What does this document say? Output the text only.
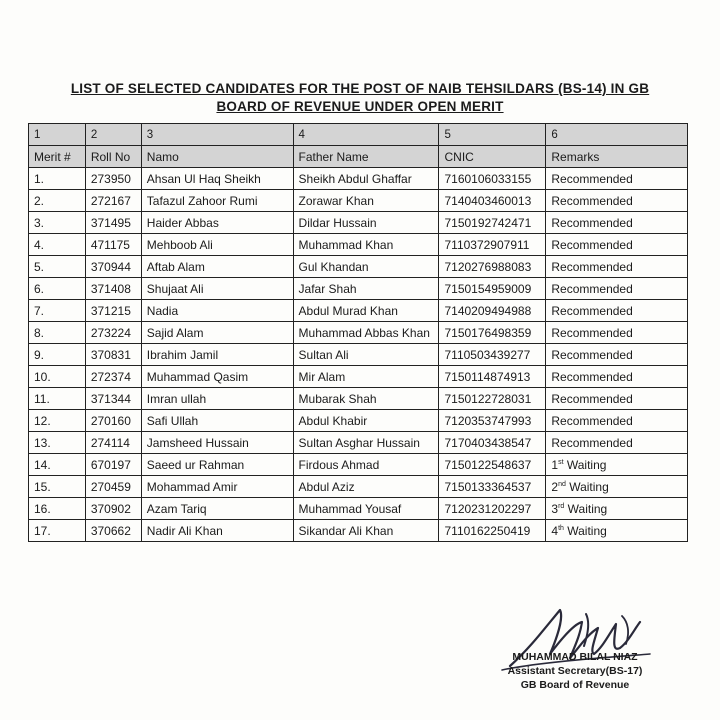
LIST OF SELECTED CANDIDATES FOR THE POST OF NAIB TEHSILDARS (BS-14) IN GB
BOARD OF REVENUE UNDER OPEN MERIT
1	2	3	4	5	6
Merit #	Roll No	Namo	Father Name	CNIC	Remarks
1.	273950	Ahsan Ul Haq Sheikh	Sheikh Abdul Ghaffar	7160106033155	Recommended
2.	272167	Tafazul Zahoor Rumi	Zorawar Khan	7140403460013	Recommended
3.	371495	Haider Abbas	Dildar Hussain	7150192742471	Recommended
4.	471175	Mehboob Ali	Muhammad Khan	7110372907911	Recommended
5.	370944	Aftab Alam	Gul Khandan	7120276988083	Recommended
6.	371408	Shujaat Ali	Jafar Shah	7150154959009	Recommended
7.	371215	Nadia	Abdul Murad Khan	7140209494988	Recommended
8.	273224	Sajid Alam	Muhammad Abbas Khan	7150176498359	Recommended
9.	370831	Ibrahim Jamil	Sultan Ali	7110503439277	Recommended
10.	272374	Muhammad Qasim	Mir Alam	7150114874913	Recommended
11.	371344	Imran ullah	Mubarak Shah	7150122728031	Recommended
12.	270160	Safi Ullah	Abdul Khabir	7120353747993	Recommended
13.	274114	Jamsheed Hussain	Sultan Asghar Hussain	7170403438547	Recommended
14.	670197	Saeed ur Rahman	Firdous Ahmad	7150122548637	1st Waiting
15.	270459	Mohammad Amir	Abdul Aziz	7150133364537	2nd Waiting
16.	370902	Azam Tariq	Muhammad Yousaf	7120231202297	3rd Waiting
17.	370662	Nadir Ali Khan	Sikandar Ali Khan	7110162250419	4th Waiting
MUHAMMAD BILAL NIAZ
Assistant Secretary(BS-17)
GB Board of Revenue
